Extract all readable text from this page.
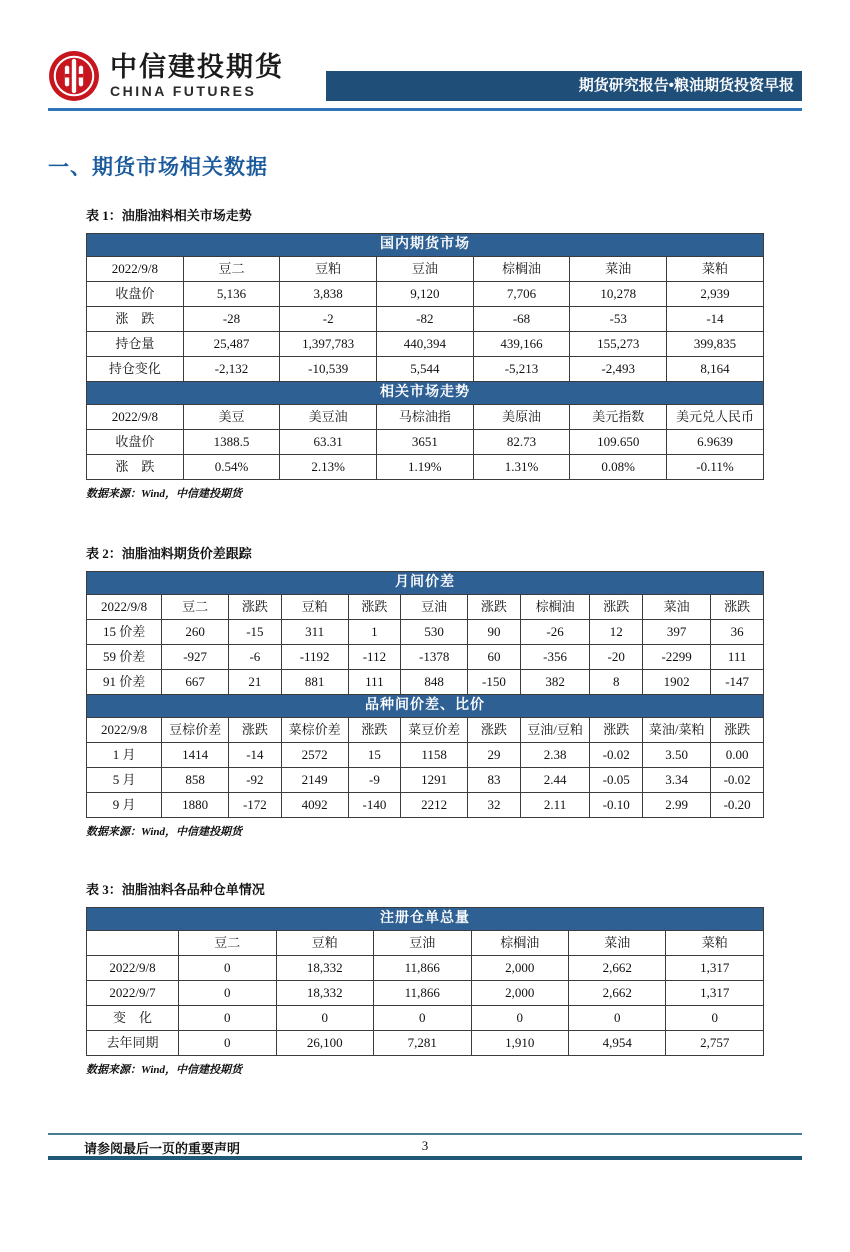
中信建投期货
CHINA FUTURES	期货研究报告•粮油期货投资早报
一、期货市场相关数据
表 1：油脂油料相关市场走势
国内期货市场						
2022/9/8	豆二	豆粕	豆油	棕榈油	菜油	菜粕
收盘价	5,136	3,838	9,120	7,706	10,278	2,939
涨　跌	-28	-2	-82	-68	-53	-14
持仓量	25,487	1,397,783	440,394	439,166	155,273	399,835
持仓变化	-2,132	-10,539	5,544	-5,213	-2,493	8,164
相关市场走势						
2022/9/8	美豆	美豆油	马棕油指	美原油	美元指数	美元兑人民币
收盘价	1388.5	63.31	3651	82.73	109.650	6.9639
涨　跌	0.54%	2.13%	1.19%	1.31%	0.08%	-0.11%
数据来源：Wind，中信建投期货
表 2：油脂油料期货价差跟踪
月间价差										
2022/9/8	豆二	涨跌	豆粕	涨跌	豆油	涨跌	棕榈油	涨跌	菜油	涨跌
15 价差	260	-15	311	1	530	90	-26	12	397	36
59 价差	-927	-6	-1192	-112	-1378	60	-356	-20	-2299	111
91 价差	667	21	881	111	848	-150	382	8	1902	-147
品种间价差、比价										
2022/9/8	豆棕价差	涨跌	菜棕价差	涨跌	菜豆价差	涨跌	豆油/豆粕	涨跌	菜油/菜粕	涨跌
1 月	1414	-14	2572	15	1158	29	2.38	-0.02	3.50	0.00
5 月	858	-92	2149	-9	1291	83	2.44	-0.05	3.34	-0.02
9 月	1880	-172	4092	-140	2212	32	2.11	-0.10	2.99	-0.20
数据来源：Wind，中信建投期货
表 3：油脂油料各品种仓单情况
注册仓单总量						
	豆二	豆粕	豆油	棕榈油	菜油	菜粕
2022/9/8	0	18,332	11,866	2,000	2,662	1,317
2022/9/7	0	18,332	11,866	2,000	2,662	1,317
变　化	0	0	0	0	0	0
去年同期	0	26,100	7,281	1,910	4,954	2,757
数据来源：Wind，中信建投期货
请参阅最后一页的重要声明	3
